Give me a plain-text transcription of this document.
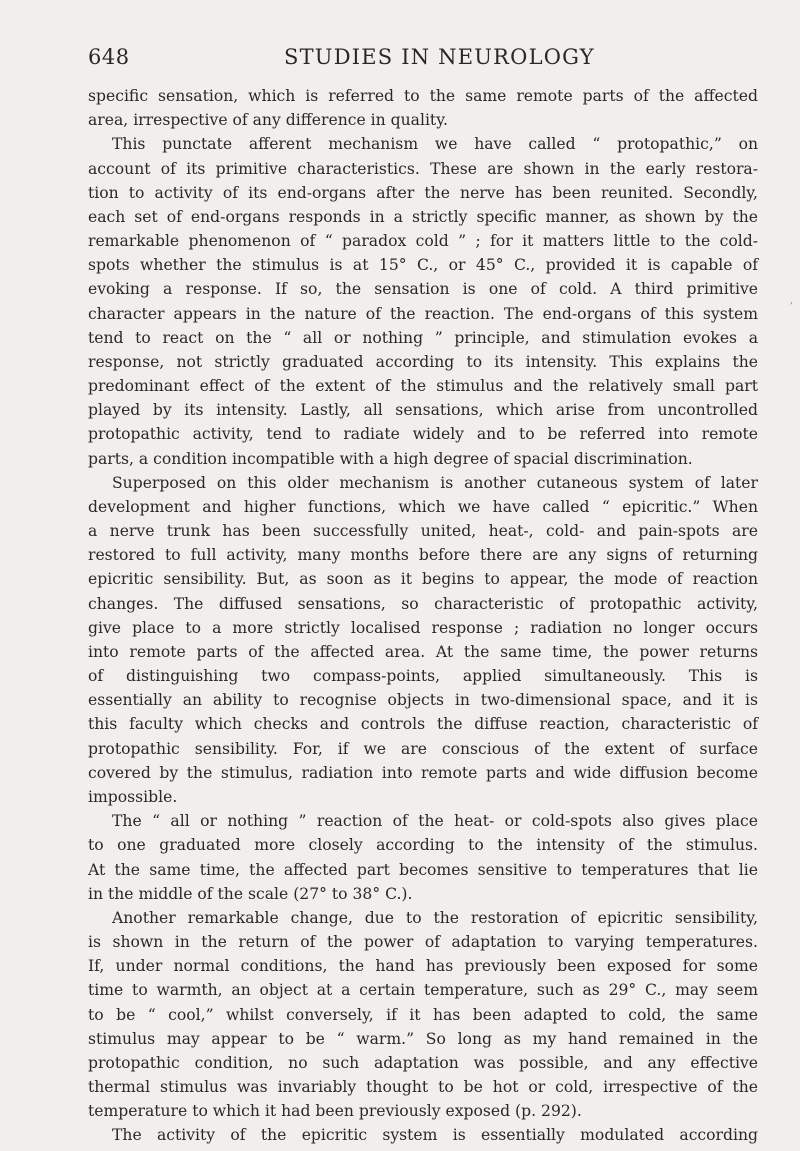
648	STUDIES IN NEUROLOGY
specific sensation, which is referred to the same remote parts of the affected
area, irrespective of any difference in quality.
This punctate afferent mechanism we have called “ protopathic,” on
account of its primitive characteristics. These are shown in the early restora-
tion to activity of its end-organs after the nerve has been reunited. Secondly,
each set of end-organs responds in a strictly specific manner, as shown by the
remarkable phenomenon of “ paradox cold ” ; for it matters little to the cold-
spots whether the stimulus is at 15° C., or 45° C., provided it is capable of
evoking a response. If so, the sensation is one of cold. A third primitive
character appears in the nature of the reaction. The end-organs of this system
tend to react on the “ all or nothing ” principle, and stimulation evokes a
response, not strictly graduated according to its intensity. This explains the
predominant effect of the extent of the stimulus and the relatively small part
played by its intensity. Lastly, all sensations, which arise from uncontrolled
protopathic activity, tend to radiate widely and to be referred into remote
parts, a condition incompatible with a high degree of spacial discrimination.
Superposed on this older mechanism is another cutaneous system of later
development and higher functions, which we have called “ epicritic.” When
a nerve trunk has been successfully united, heat-, cold- and pain-spots are
restored to full activity, many months before there are any signs of returning
epicritic sensibility. But, as soon as it begins to appear, the mode of reaction
changes. The diffused sensations, so characteristic of protopathic activity,
give place to a more strictly localised response ; radiation no longer occurs
into remote parts of the affected area. At the same time, the power returns
of distinguishing two compass-points, applied simultaneously. This is
essentially an ability to recognise objects in two-dimensional space, and it is
this faculty which checks and controls the diffuse reaction, characteristic of
protopathic sensibility. For, if we are conscious of the extent of surface
covered by the stimulus, radiation into remote parts and wide diffusion become
impossible.
The “ all or nothing ” reaction of the heat- or cold-spots also gives place
to one graduated more closely according to the intensity of the stimulus.
At the same time, the affected part becomes sensitive to temperatures that lie
in the middle of the scale (27° to 38° C.).
Another remarkable change, due to the restoration of epicritic sensibility,
is shown in the return of the power of adaptation to varying temperatures.
If, under normal conditions, the hand has previously been exposed for some
time to warmth, an object at a certain temperature, such as 29° C., may seem
to be “ cool,” whilst conversely, if it has been adapted to cold, the same
stimulus may appear to be “ warm.” So long as my hand remained in the
protopathic condition, no such adaptation was possible, and any effective
thermal stimulus was invariably thought to be hot or cold, irrespective of the
temperature to which it had been previously exposed (p. 292).
The activity of the epicritic system is essentially modulated according
,
